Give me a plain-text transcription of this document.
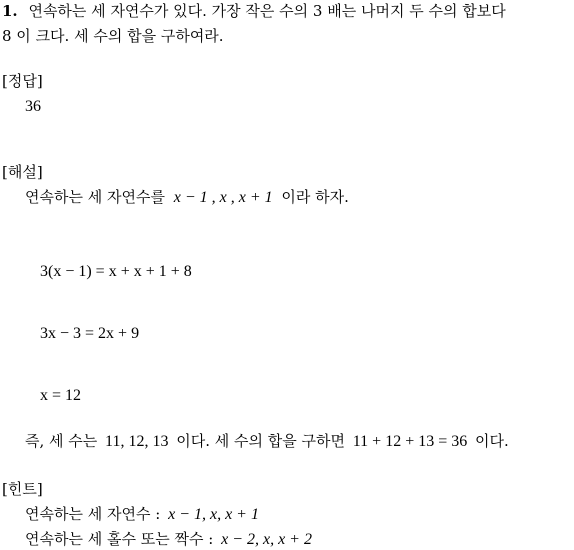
1. 연속하는 세 자연수가 있다. 가장 작은 수의 3 배는 나머지 두 수의 합보다
8 이 크다. 세 수의 합을 구하여라.
[정답]
36
[해설]
연속하는 세 자연수를 x − 1 , x , x + 1 이라 하자.
3(x − 1) = x + x + 1 + 8
3x − 3 = 2x + 9
x = 12
즉, 세 수는 11, 12, 13 이다. 세 수의 합을 구하면 11 + 12 + 13 = 36 이다.
[힌트]
연속하는 세 자연수 : x − 1, x, x + 1
연속하는 세 홀수 또는 짝수 : x − 2, x, x + 2
